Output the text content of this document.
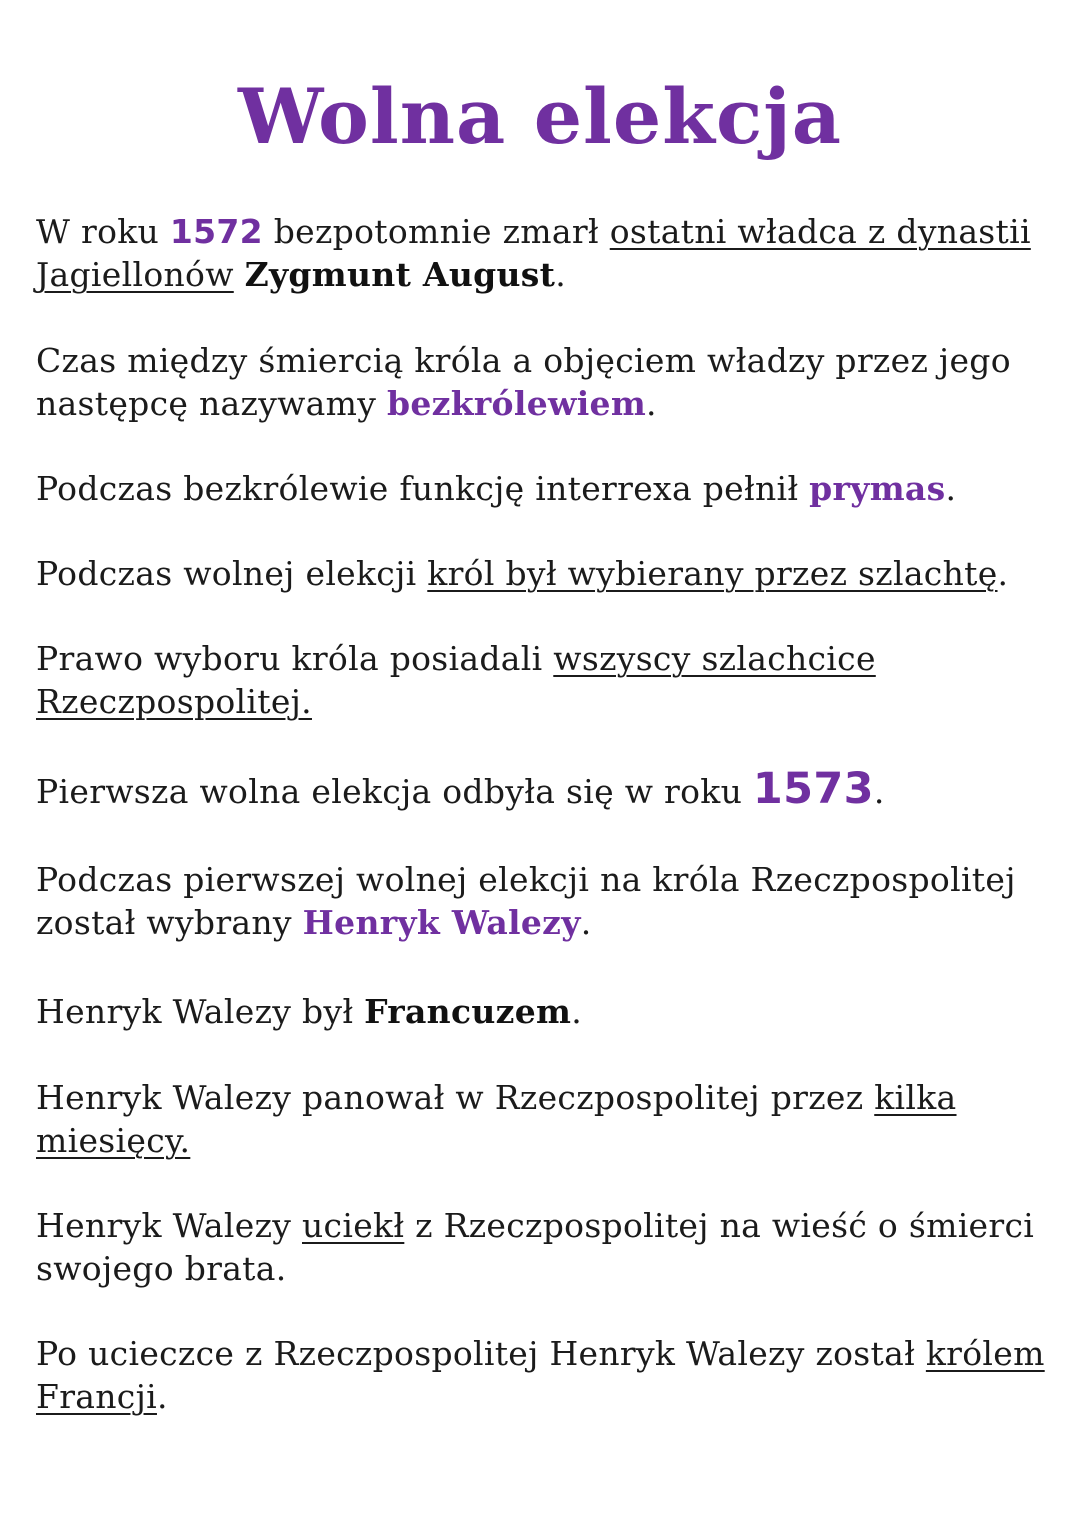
Wolna elekcja

W roku 1572 bezpotomnie zmarł ostatni władca z dynastii Jagiellonów Zygmunt August.

Czas między śmiercią króla a objęciem władzy przez jego następcę nazywamy bezkrólewiem.

Podczas bezkrólewie funkcję interrexa pełnił prymas.

Podczas wolnej elekcji król był wybierany przez szlachtę.

Prawo wyboru króla posiadali wszyscy szlachcice Rzeczpospolitej.

Pierwsza wolna elekcja odbyła się w roku 1573.

Podczas pierwszej wolnej elekcji na króla Rzeczpospolitej został wybrany Henryk Walezy.

Henryk Walezy był Francuzem.

Henryk Walezy panował w Rzeczpospolitej przez kilka miesięcy.

Henryk Walezy uciekł z Rzeczpospolitej na wieść o śmierci swojego brata.

Po ucieczce z Rzeczpospolitej Henryk Walezy został królem Francji.
